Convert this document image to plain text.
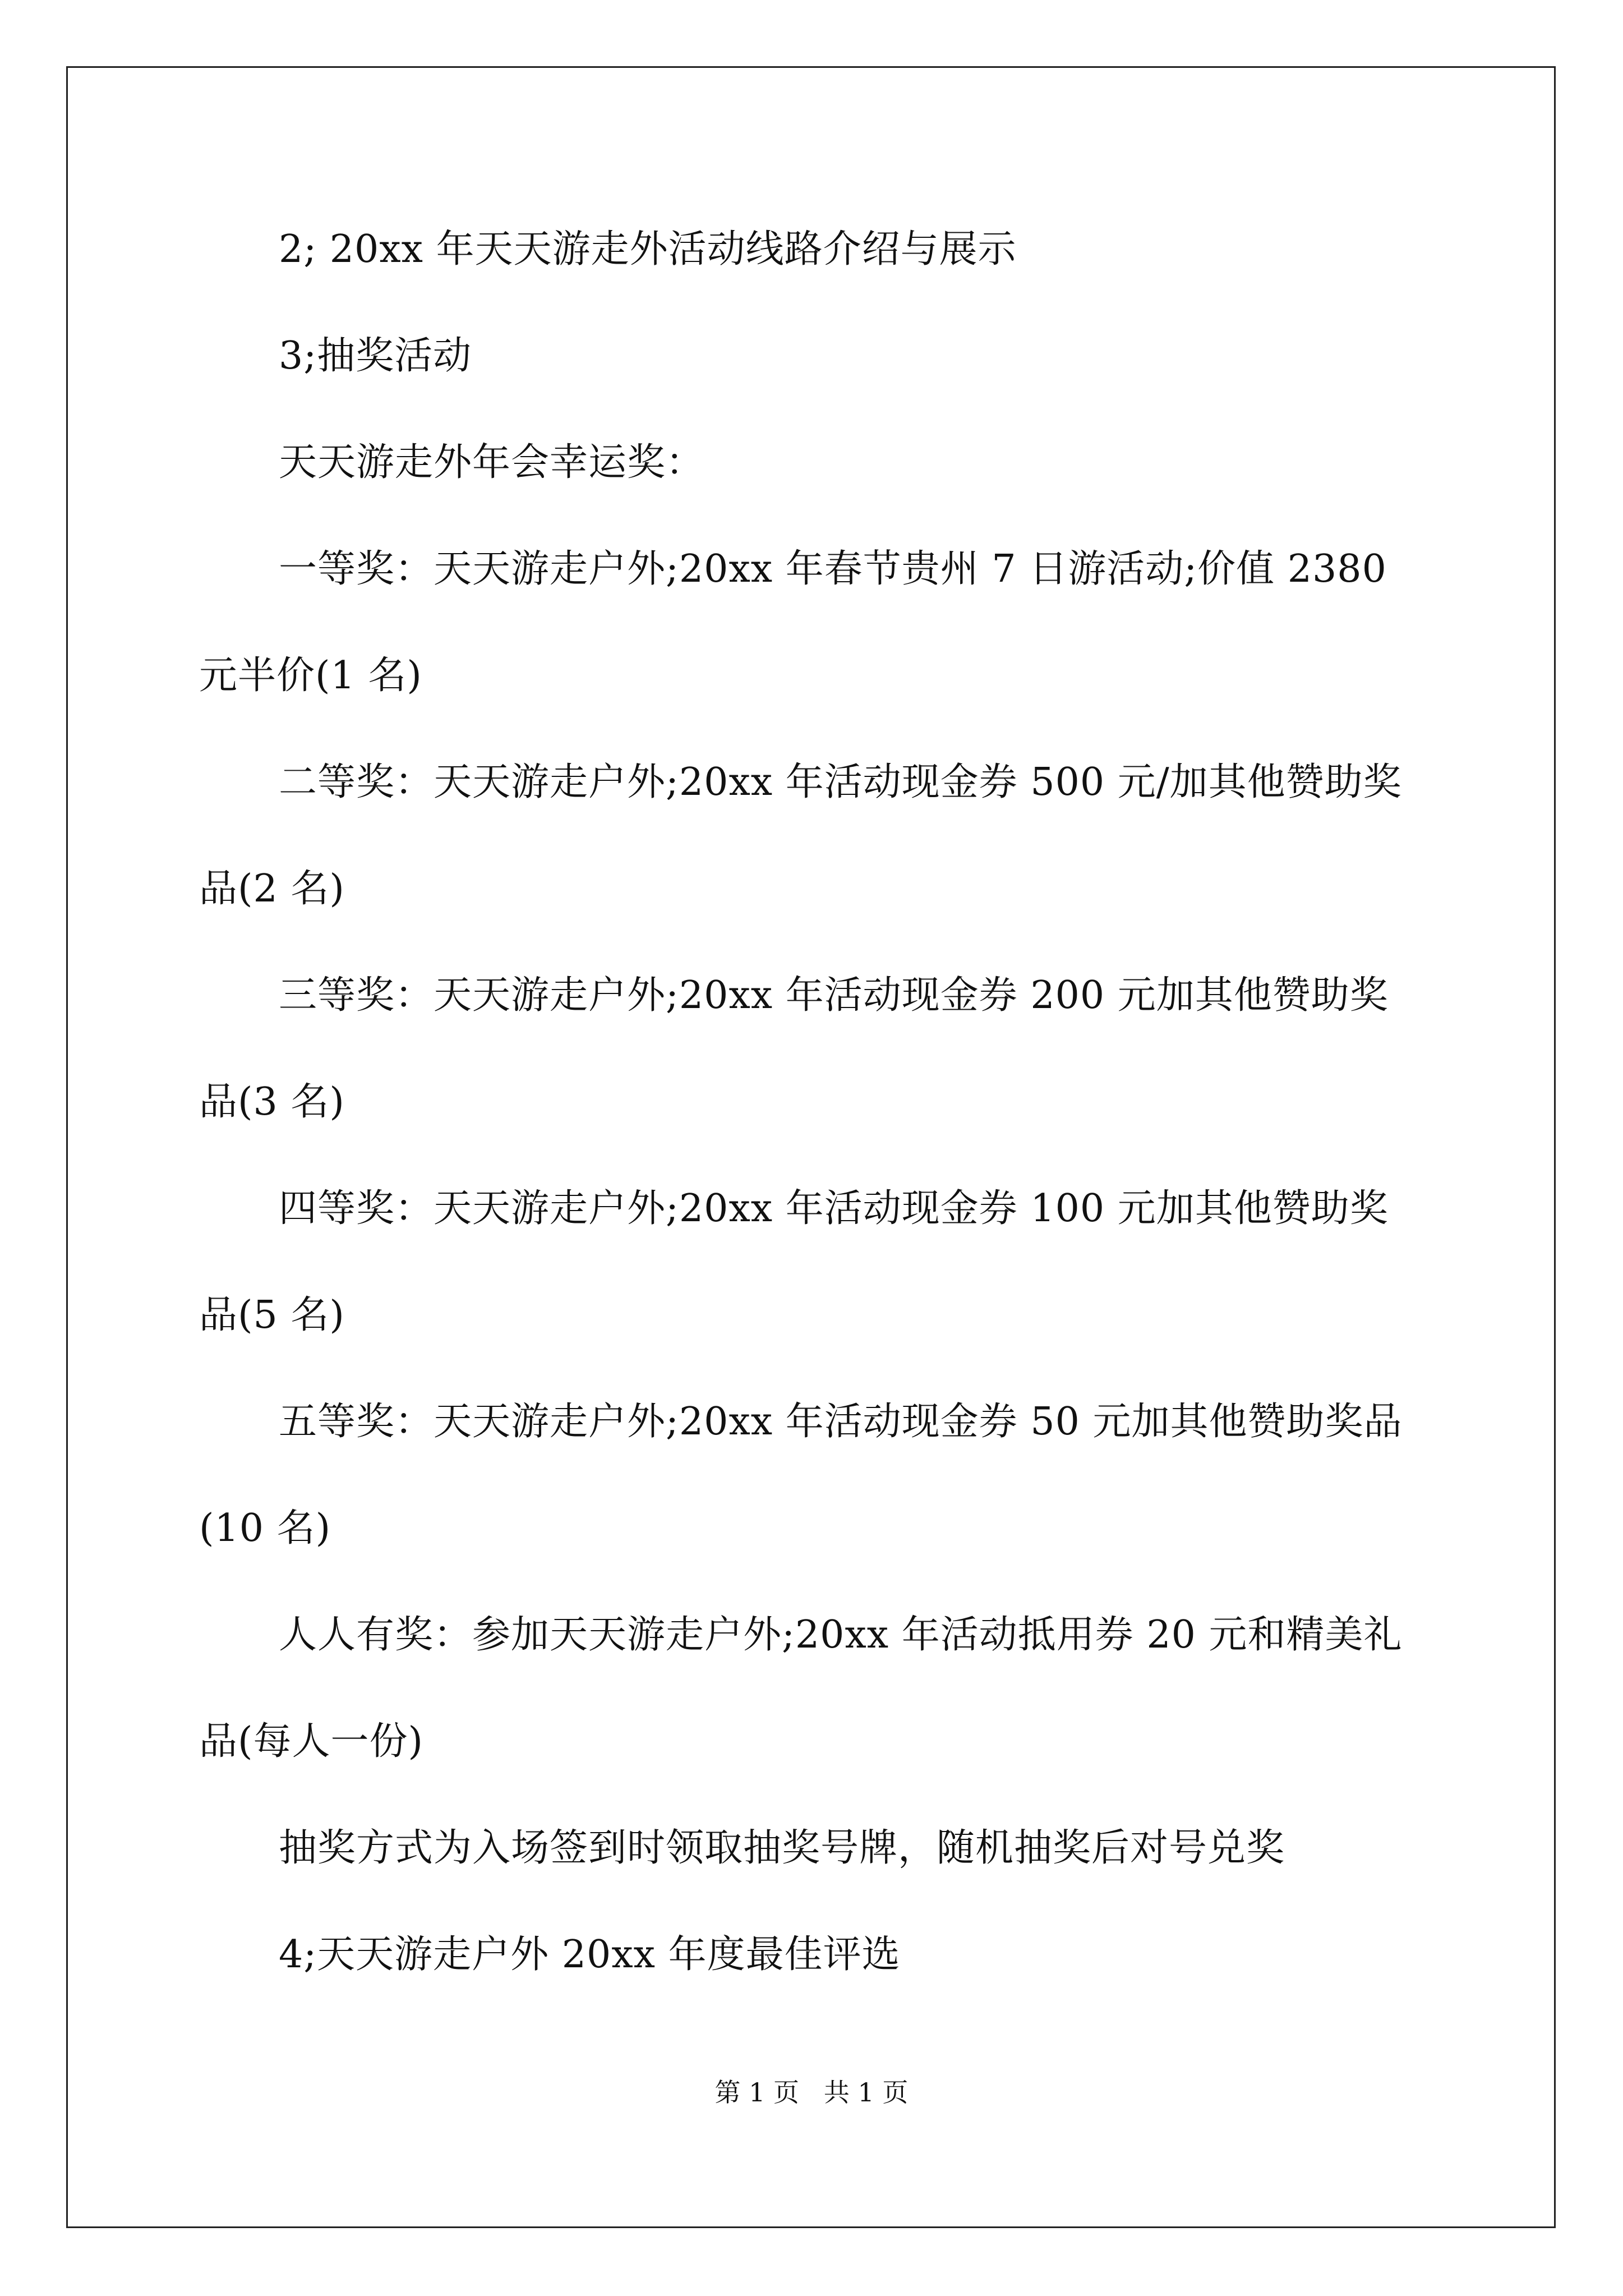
2; 20xx 年天天游走外活动线路介绍与展示
3;抽奖活动
天天游走外年会幸运奖：
一等奖：天天游走户外;20xx 年春节贵州 7 日游活动;价值 2380
元半价(1 名)
二等奖：天天游走户外;20xx 年活动现金券 500 元/加其他赞助奖
品(2 名)
三等奖：天天游走户外;20xx 年活动现金券 200 元加其他赞助奖
品(3 名)
四等奖：天天游走户外;20xx 年活动现金券 100 元加其他赞助奖
品(5 名)
五等奖：天天游走户外;20xx 年活动现金券 50 元加其他赞助奖品
(10 名)
人人有奖：参加天天游走户外;20xx 年活动抵用券 20 元和精美礼
品(每人一份)
抽奖方式为入场签到时领取抽奖号牌，随机抽奖后对号兑奖
4;天天游走户外 20xx 年度最佳评选
第 1 页   共 1 页
